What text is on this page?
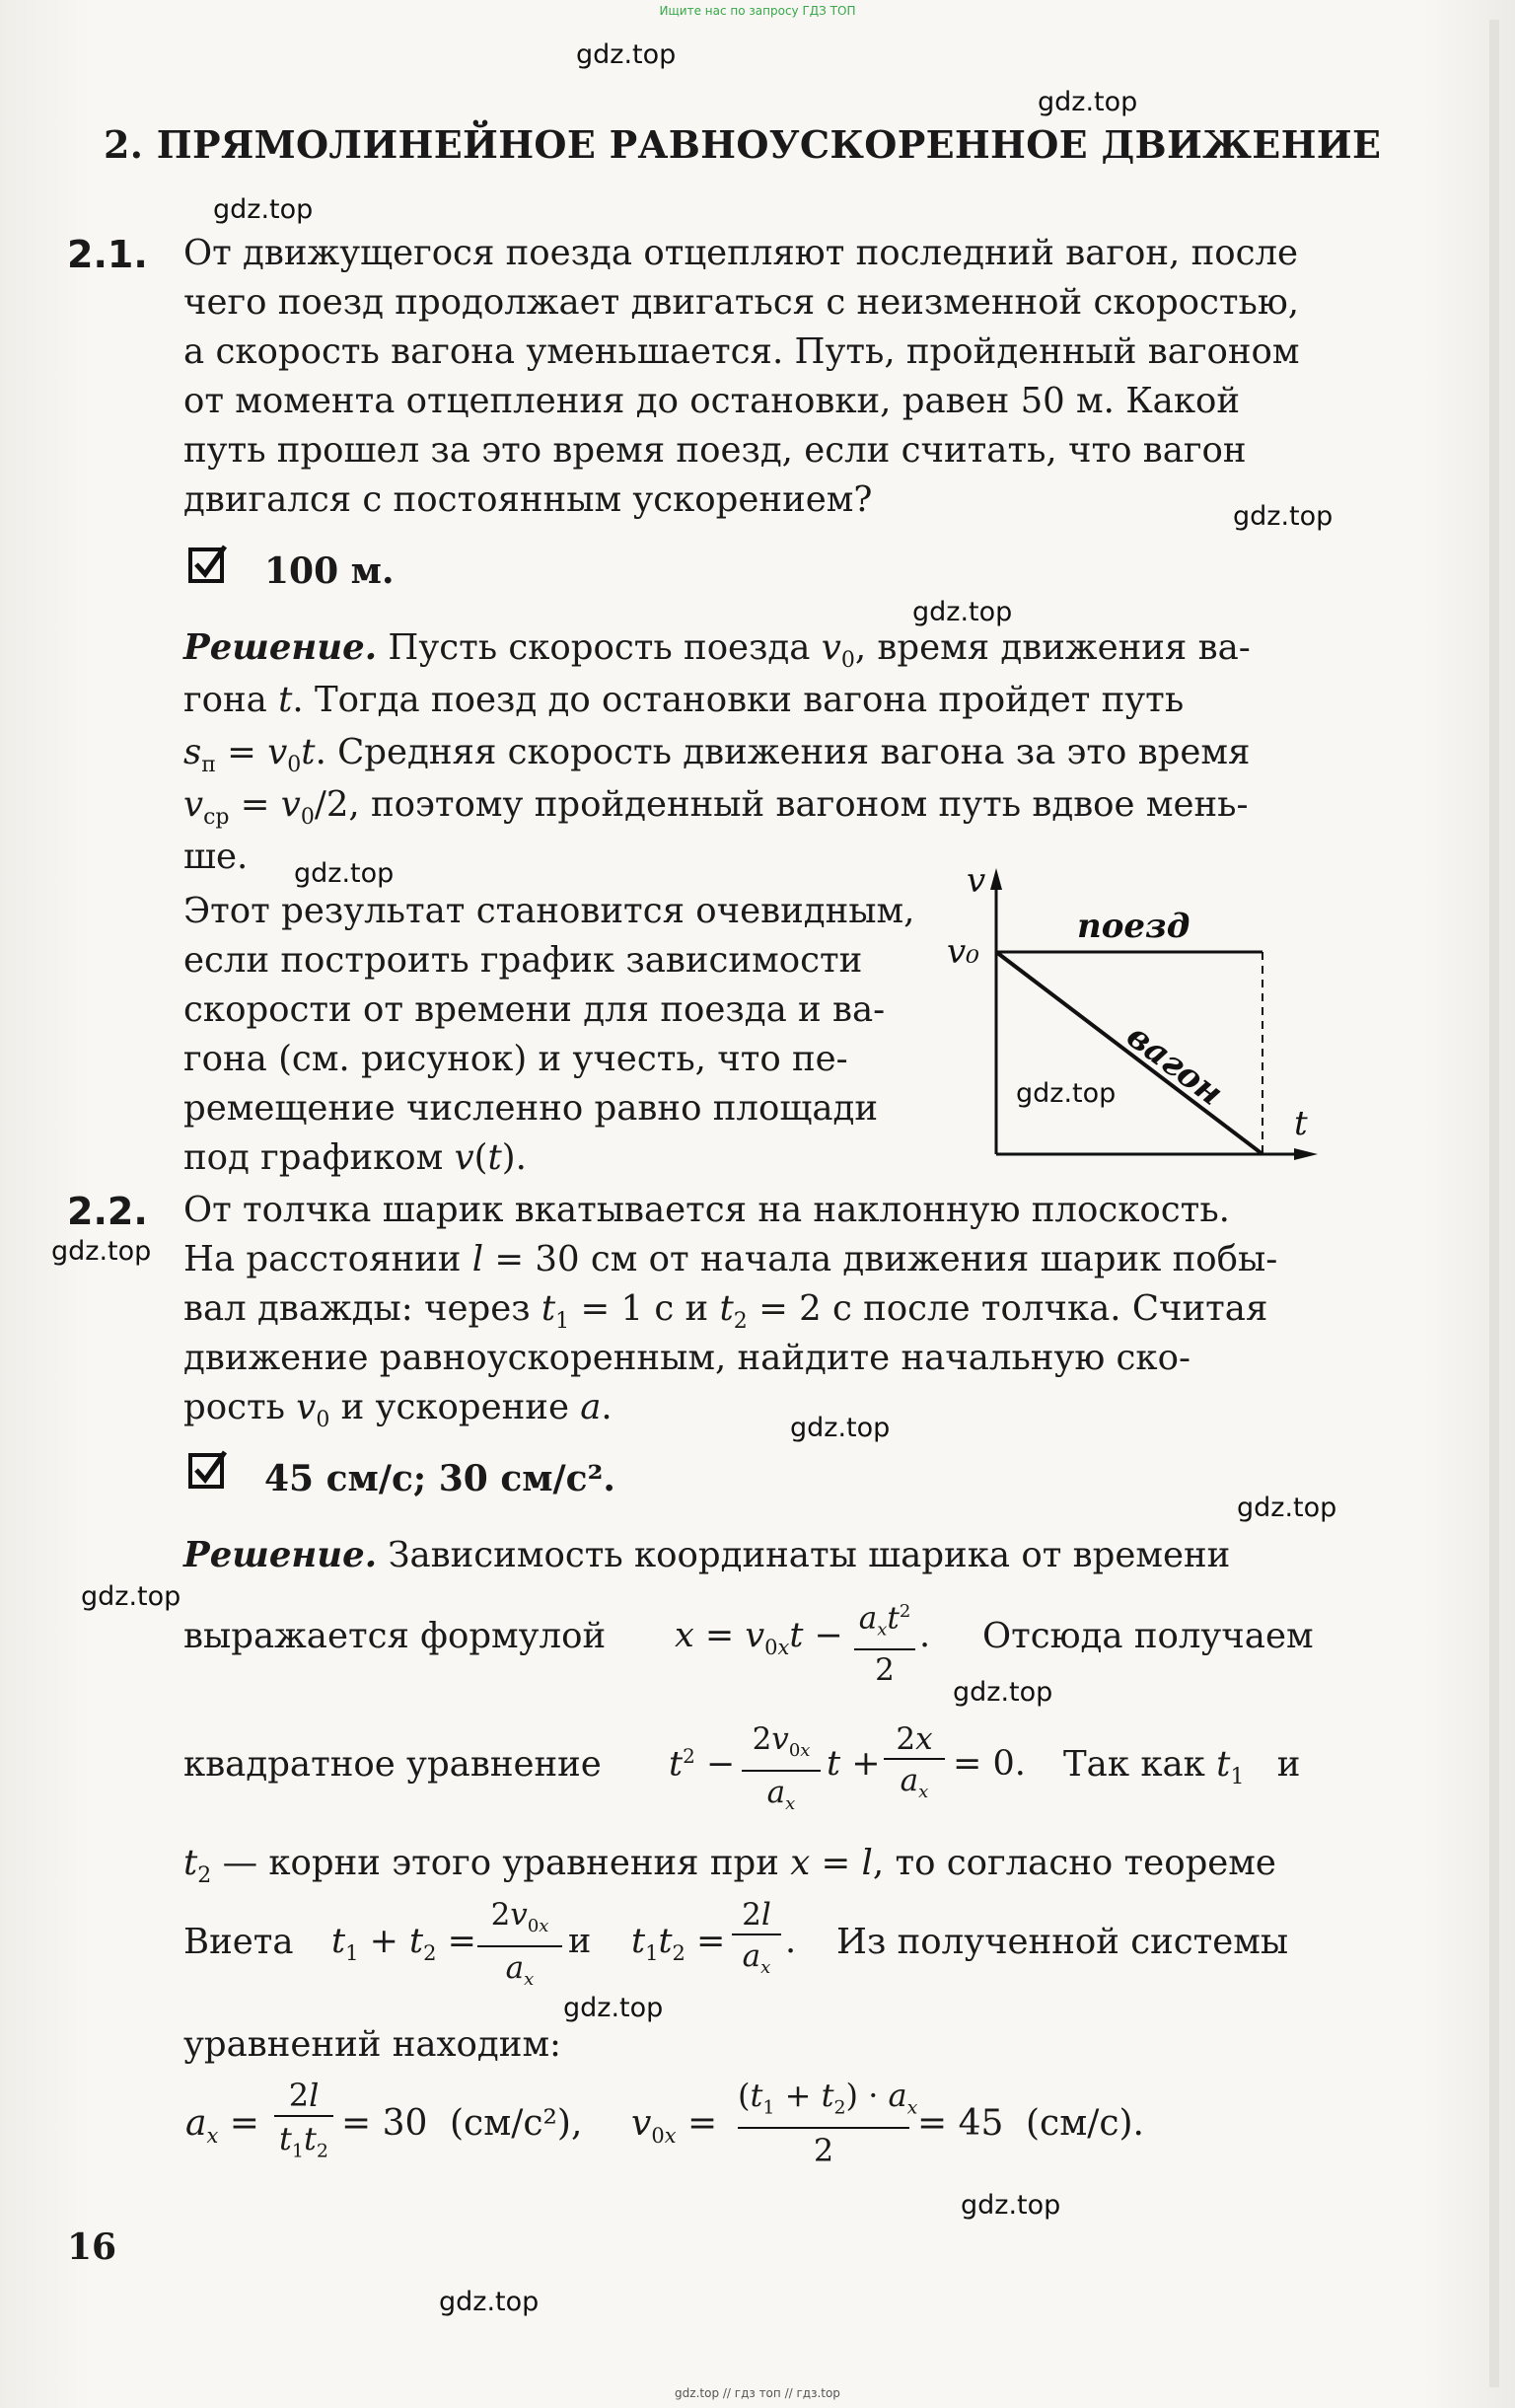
Ищите нас по запросу ГДЗ ТОП
gdz.top
gdz.top
gdz.top
gdz.top
gdz.top
gdz.top
gdz.top
gdz.top
gdz.top
gdz.top
gdz.top
gdz.top
gdz.top
gdz.top
gdz.top
2. ПРЯМОЛИНЕЙНОЕ РАВНОУСКОРЕННОЕ ДВИЖЕНИЕ
2.1. От движущегося поезда отцепляют последний вагон, после
чего поезд продолжает двигаться с неизменной скоростью,
а скорость вагона уменьшается. Путь, пройденный вагоном
от момента отцепления до остановки, равен 50 м. Какой
путь прошел за это время поезд, если считать, что вагон
двигался с постоянным ускорением?
100 м.
Решение. Пусть скорость поезда $v_0$, время движения ва-
гона t. Тогда поезд до остановки вагона пройдет путь
$s_п = v_0t$. Средняя скорость движения вагона за это время
$v_{ср} = v_0/2$, поэтому пройденный вагоном путь вдвое мень-
ше.
Этот результат становится очевидным,
если построить график зависимости
скорости от времени для поезда и ва-
гона (см. рисунок) и учесть, что пе-
ремещение численно равно площади
под графиком v(t).
поезд
вагон
v
v₀
t
2.2. От толчка шарик вкатывается на наклонную плоскость.
На расстоянии l = 30 см от начала движения шарик побы-
вал дважды: через $t_1 = 1$ с и $t_2 = 2$ с после толчка. Считая
движение равноускоренным, найдите начальную ско-
рость $v_0$ и ускорение a.
45 см/с; 30 см/с².
Решение. Зависимость координаты шарика от времени
выражается формулой $x = v_{0x}t - a_xt^2$
2
. Отсюда получаем
квадратное уравнение $t^2$ −
$2v_{0x}$
$a_x$
t +
2x
$a_x$
= 0. Так как $t_1$ и
$t_2$ — корни этого уравнения при x = l, то согласно теореме
Виета $t_1 + t_2$ =
$2v_{0x}$
$a_x$
и $t_1t_2$ =
2l
$a_x$
. Из полученной системы
уравнений находим:
$a_x$ =
2l
$t_1t_2$
= 30 (см/с²), $v_{0x}$ =
$(t_1 + t_2) \cdot a_x$
2
= 45 (см/с).
16
gdz.top // гдз топ // гдз.top
